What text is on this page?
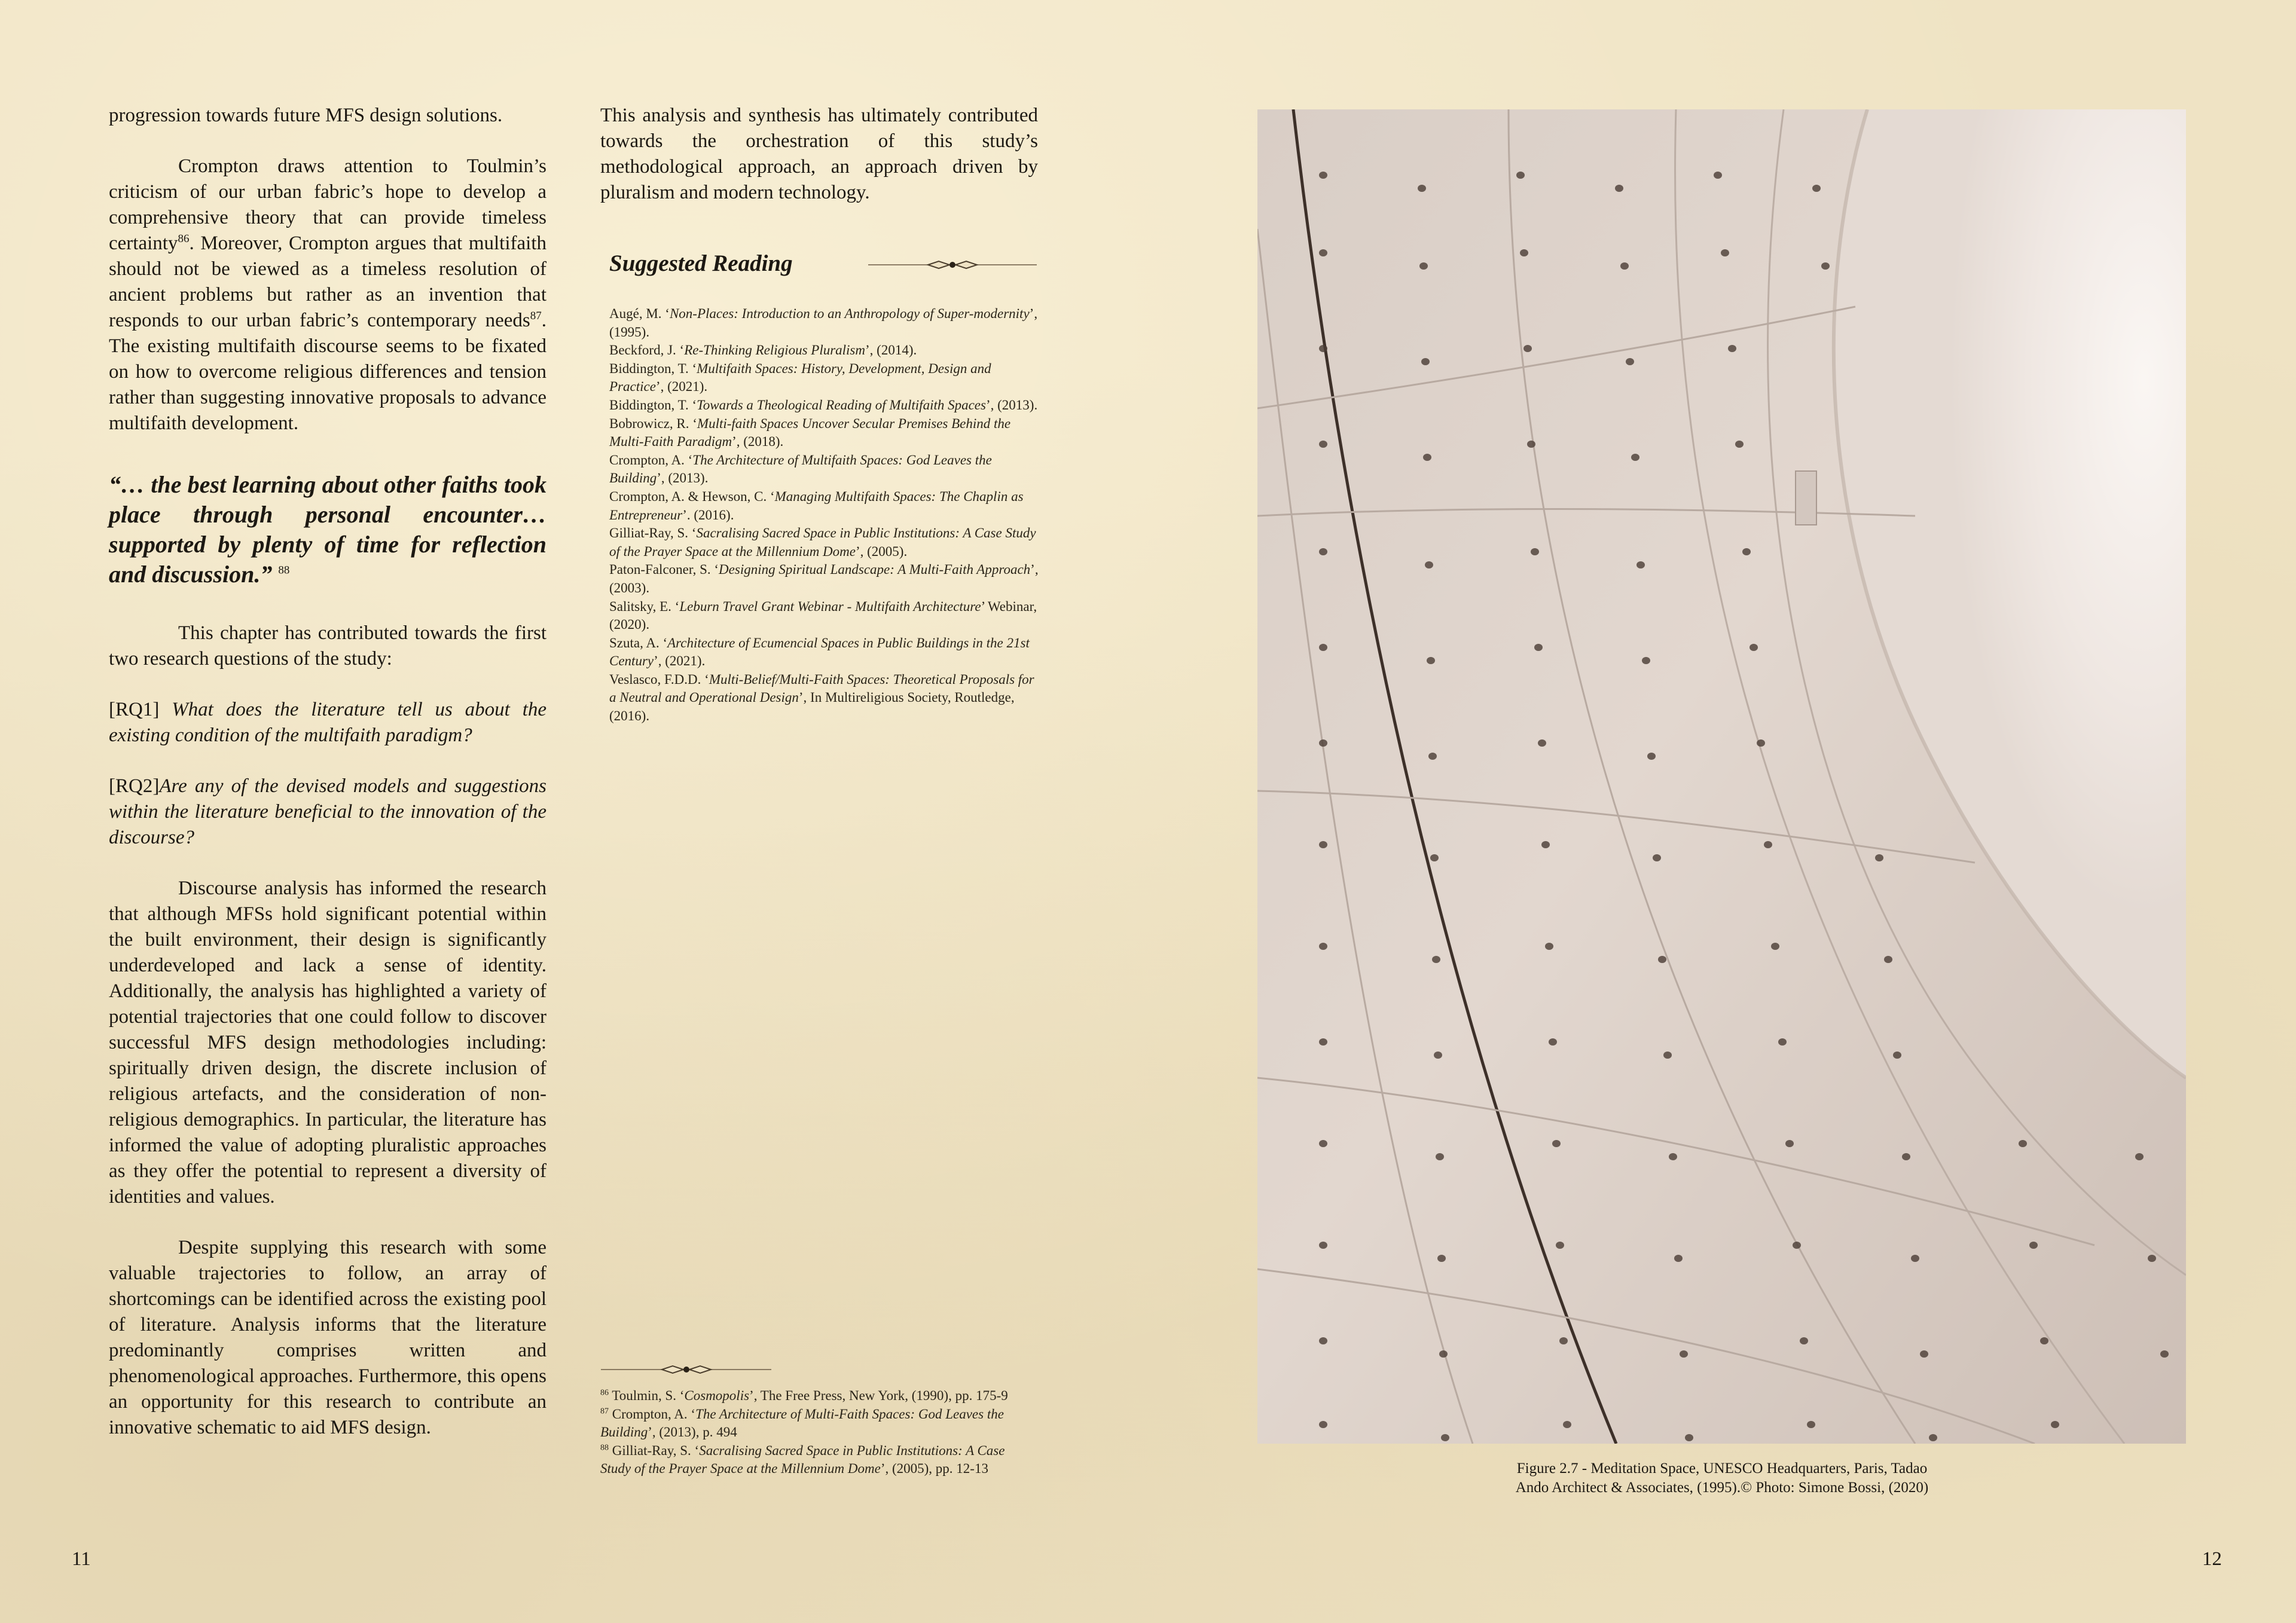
progression towards future MFS design solutions.

Crompton draws attention to Toulmin’s criticism of our urban fabric’s hope to develop a comprehensive theory that can provide timeless certainty$^{86}$. Moreover, Crompton argues that multifaith should not be viewed as a timeless resolution of ancient problems but rather as an invention that responds to our urban fabric’s contemporary needs$^{87}$. The existing multifaith discourse seems to be fixated on how to overcome religious differences and tension rather than suggesting innovative proposals to advance multifaith development.

“… the best learning about other faiths took place through personal encounter… supported by plenty of time for reflection and discussion.” $^{88}$

This chapter has contributed towards the first two research questions of the study:

[RQ1] What does the literature tell us about the existing condition of the multifaith paradigm?

[RQ2]Are any of the devised models and suggestions within the literature beneficial to the innovation of the discourse?

Discourse analysis has informed the research that although MFSs hold significant potential within the built environment, their design is significantly underdeveloped and lack a sense of identity. Additionally, the analysis has highlighted a variety of potential trajectories that one could follow to discover successful MFS design methodologies including: spiritually driven design, the discrete inclusion of religious artefacts, and the consideration of non-religious demographics. In particular, the literature has informed the value of adopting pluralistic approaches as they offer the potential to represent a diversity of identities and values.

Despite supplying this research with some valuable trajectories to follow, an array of shortcomings can be identified across the existing pool of literature. Analysis informs that the literature predominantly comprises written and phenomenological approaches. Furthermore, this opens an opportunity for this research to contribute an innovative schematic to aid MFS design.

This analysis and synthesis has ultimately contributed towards the orchestration of this study’s methodological approach, an approach driven by pluralism and modern technology.

Suggested Reading

Augé, M. ‘Non-Places: Introduction to an Anthropology of Super-modernity’, (1995).

Beckford, J. ‘Re-Thinking Religious Pluralism’, (2014).

Biddington, T. ‘Multifaith Spaces: History, Development, Design and Practice’, (2021).

Biddington, T. ‘Towards a Theological Reading of Multifaith Spaces’, (2013).

Bobrowicz, R. ‘Multi-faith Spaces Uncover Secular Premises Behind the Multi-Faith Paradigm’, (2018).

Crompton, A. ‘The Architecture of Multifaith Spaces: God Leaves the Building’, (2013).

Crompton, A. & Hewson, C. ‘Managing Multifaith Spaces: The Chaplin as Entrepreneur’. (2016).

Gilliat-Ray, S. ‘Sacralising Sacred Space in Public Institutions: A Case Study of the Prayer Space at the Millennium Dome’, (2005).

Paton-Falconer, S. ‘Designing Spiritual Landscape: A Multi-Faith Approach’, (2003).

Salitsky, E. ‘Leburn Travel Grant Webinar - Multifaith Architecture’ Webinar, (2020).

Szuta, A. ‘Architecture of Ecumencial Spaces in Public Buildings in the 21st Century’, (2021).

Veslasco, F.D.D. ‘Multi-Belief/Multi-Faith Spaces: Theoretical Proposals for a Neutral and Operational Design’, In Multireligious Society, Routledge, (2016).

$^{86}$ Toulmin, S. ‘Cosmopolis’, The Free Press, New York, (1990), pp. 175-9

$^{87}$ Crompton, A. ‘The Architecture of Multi-Faith Spaces: God Leaves the Building’, (2013), p. 494

$^{88}$ Gilliat-Ray, S. ‘Sacralising Sacred Space in Public Institutions: A Case Study of the Prayer Space at the Millennium Dome’, (2005), pp. 12-13	Figure 2.7 - Meditation Space, UNESCO Headquarters, Paris, Tadao
Ando Architect & Associates, (1995).© Photo: Simone Bossi, (2020)
11	12
